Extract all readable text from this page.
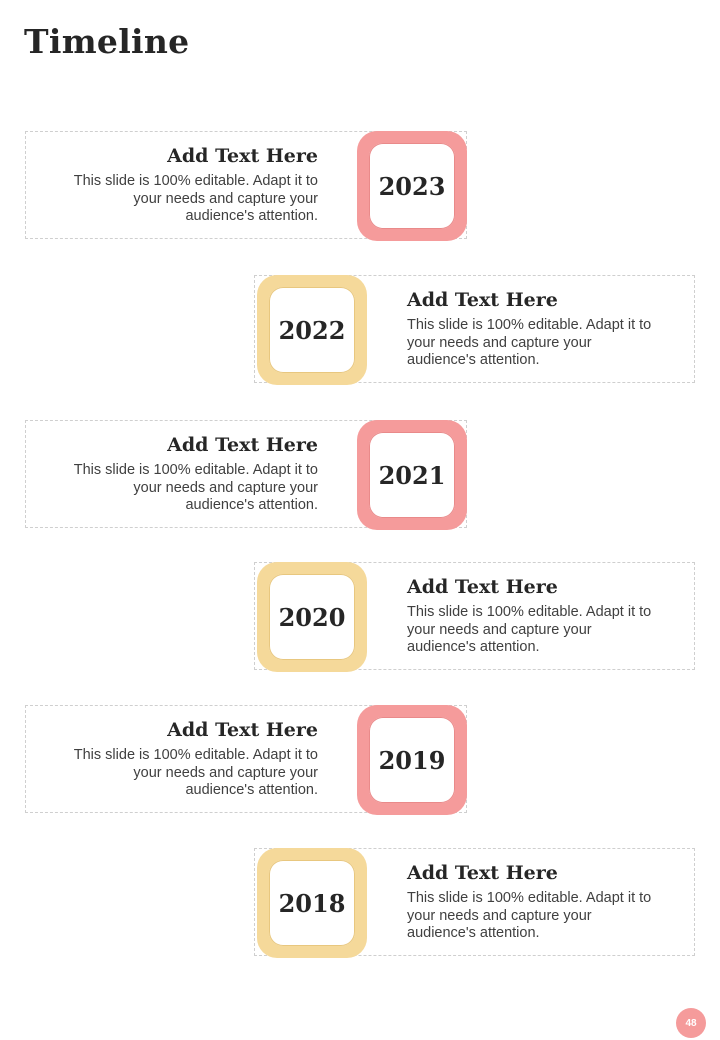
Timeline
Add Text Here
This slide is 100% editable. Adapt it to your needs and capture your audience's attention.
2023
Add Text Here
This slide is 100% editable. Adapt it to your needs and capture your audience's attention.
2022
Add Text Here
This slide is 100% editable. Adapt it to your needs and capture your audience's attention.
2021
Add Text Here
This slide is 100% editable. Adapt it to your needs and capture your audience's attention.
2020
Add Text Here
This slide is 100% editable. Adapt it to your needs and capture your audience's attention.
2019
Add Text Here
This slide is 100% editable. Adapt it to your needs and capture your audience's attention.
2018
48
